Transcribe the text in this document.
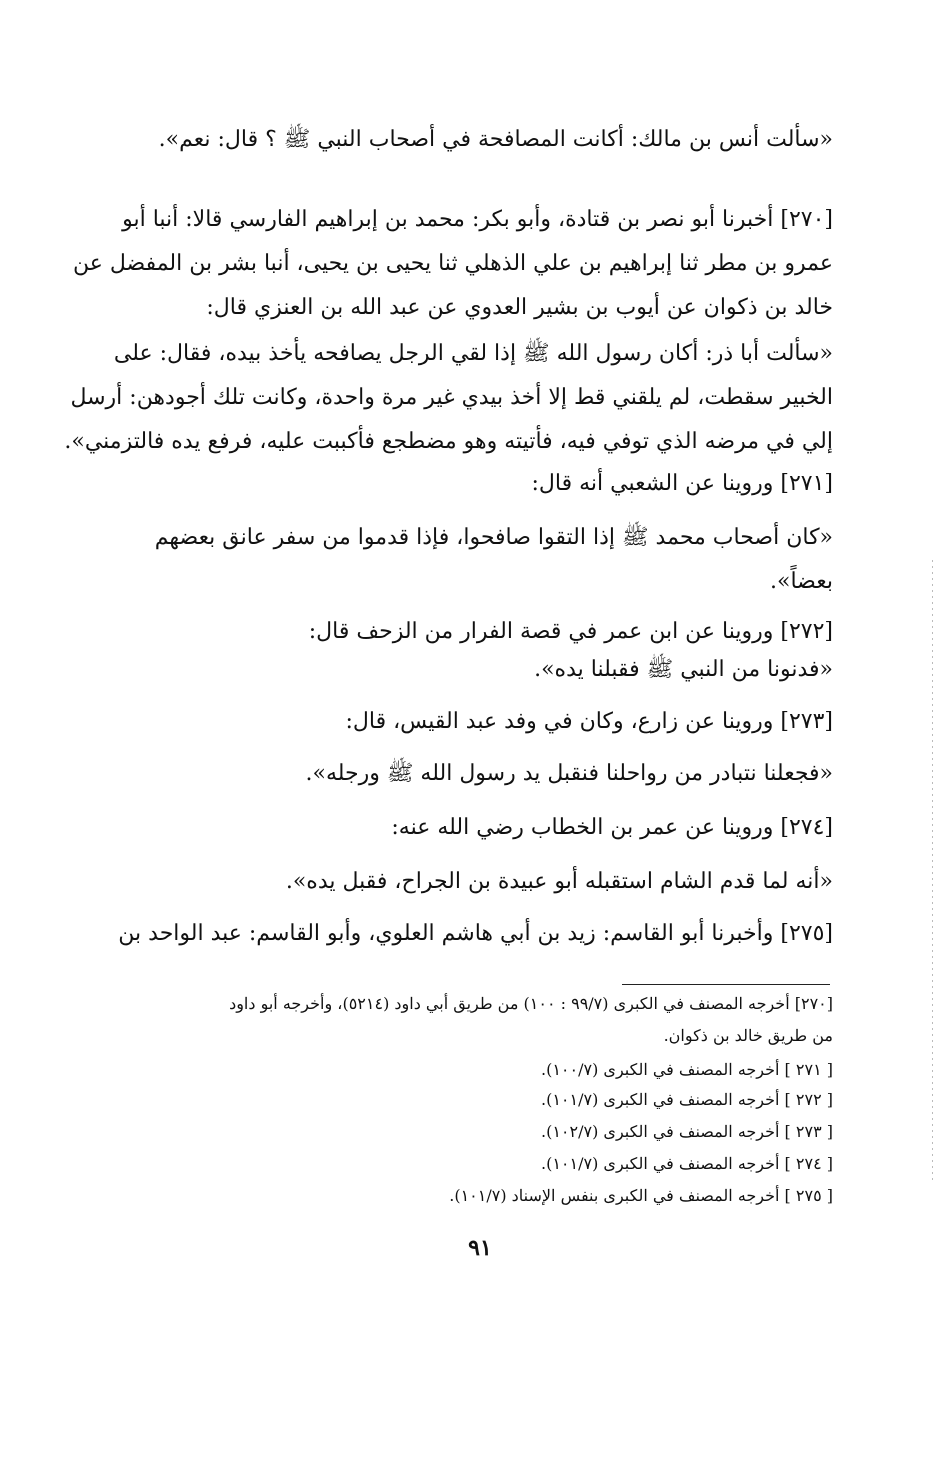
«سألت أنس بن مالك: أكانت المصافحة في أصحاب النبي ﷺ ؟ قال: نعم».
[٢٧٠] أخبرنا أبو نصر بن قتادة، وأبو بكر: محمد بن إبراهيم الفارسي قالا: أنبا أبو
عمرو بن مطر ثنا إبراهيم بن علي الذهلي ثنا يحيى بن يحيى، أنبا بشر بن المفضل عن
خالد بن ذكوان عن أيوب بن بشير العدوي عن عبد الله بن العنزي قال:
«سألت أبا ذر: أكان رسول الله ﷺ إذا لقي الرجل يصافحه يأخذ بيده، فقال: على
الخبير سقطت، لم يلقني قط إلا أخذ بيدي غير مرة واحدة، وكانت تلك أجودهن: أرسل
إلي في مرضه الذي توفي فيه، فأتيته وهو مضطجع فأكببت عليه، فرفع يده فالتزمني».
[٢٧١] وروينا عن الشعبي أنه قال:
«كان أصحاب محمد ﷺ إذا التقوا صافحوا، فإذا قدموا من سفر عانق بعضهم
بعضاً».
[٢٧٢] وروينا عن ابن عمر في قصة الفرار من الزحف قال:
«فدنونا من النبي ﷺ فقبلنا يده».
[٢٧٣] وروينا عن زارع، وكان في وفد عبد القيس، قال:
«فجعلنا نتبادر من رواحلنا فنقبل يد رسول الله ﷺ ورجله».
[٢٧٤] وروينا عن عمر بن الخطاب رضي الله عنه:
«أنه لما قدم الشام استقبله أبو عبيدة بن الجراح، فقبل يده».
[٢٧٥] وأخبرنا أبو القاسم: زيد بن أبي هاشم العلوي، وأبو القاسم: عبد الواحد بن
[٢٧٠] أخرجه المصنف في الكبرى (٩٩/٧ : ١٠٠) من طريق أبي داود (٥٢١٤)، وأخرجه أبو داود
من طريق خالد بن ذكوان.
[ ٢٧١ ] أخرجه المصنف في الكبرى (١٠٠/٧).
[ ٢٧٢ ] أخرجه المصنف في الكبرى (١٠١/٧).
[ ٢٧٣ ] أخرجه المصنف في الكبرى (١٠٢/٧).
[ ٢٧٤ ] أخرجه المصنف في الكبرى (١٠١/٧).
[ ٢٧٥ ] أخرجه المصنف في الكبرى بنفس الإسناد (١٠١/٧).
٩١
